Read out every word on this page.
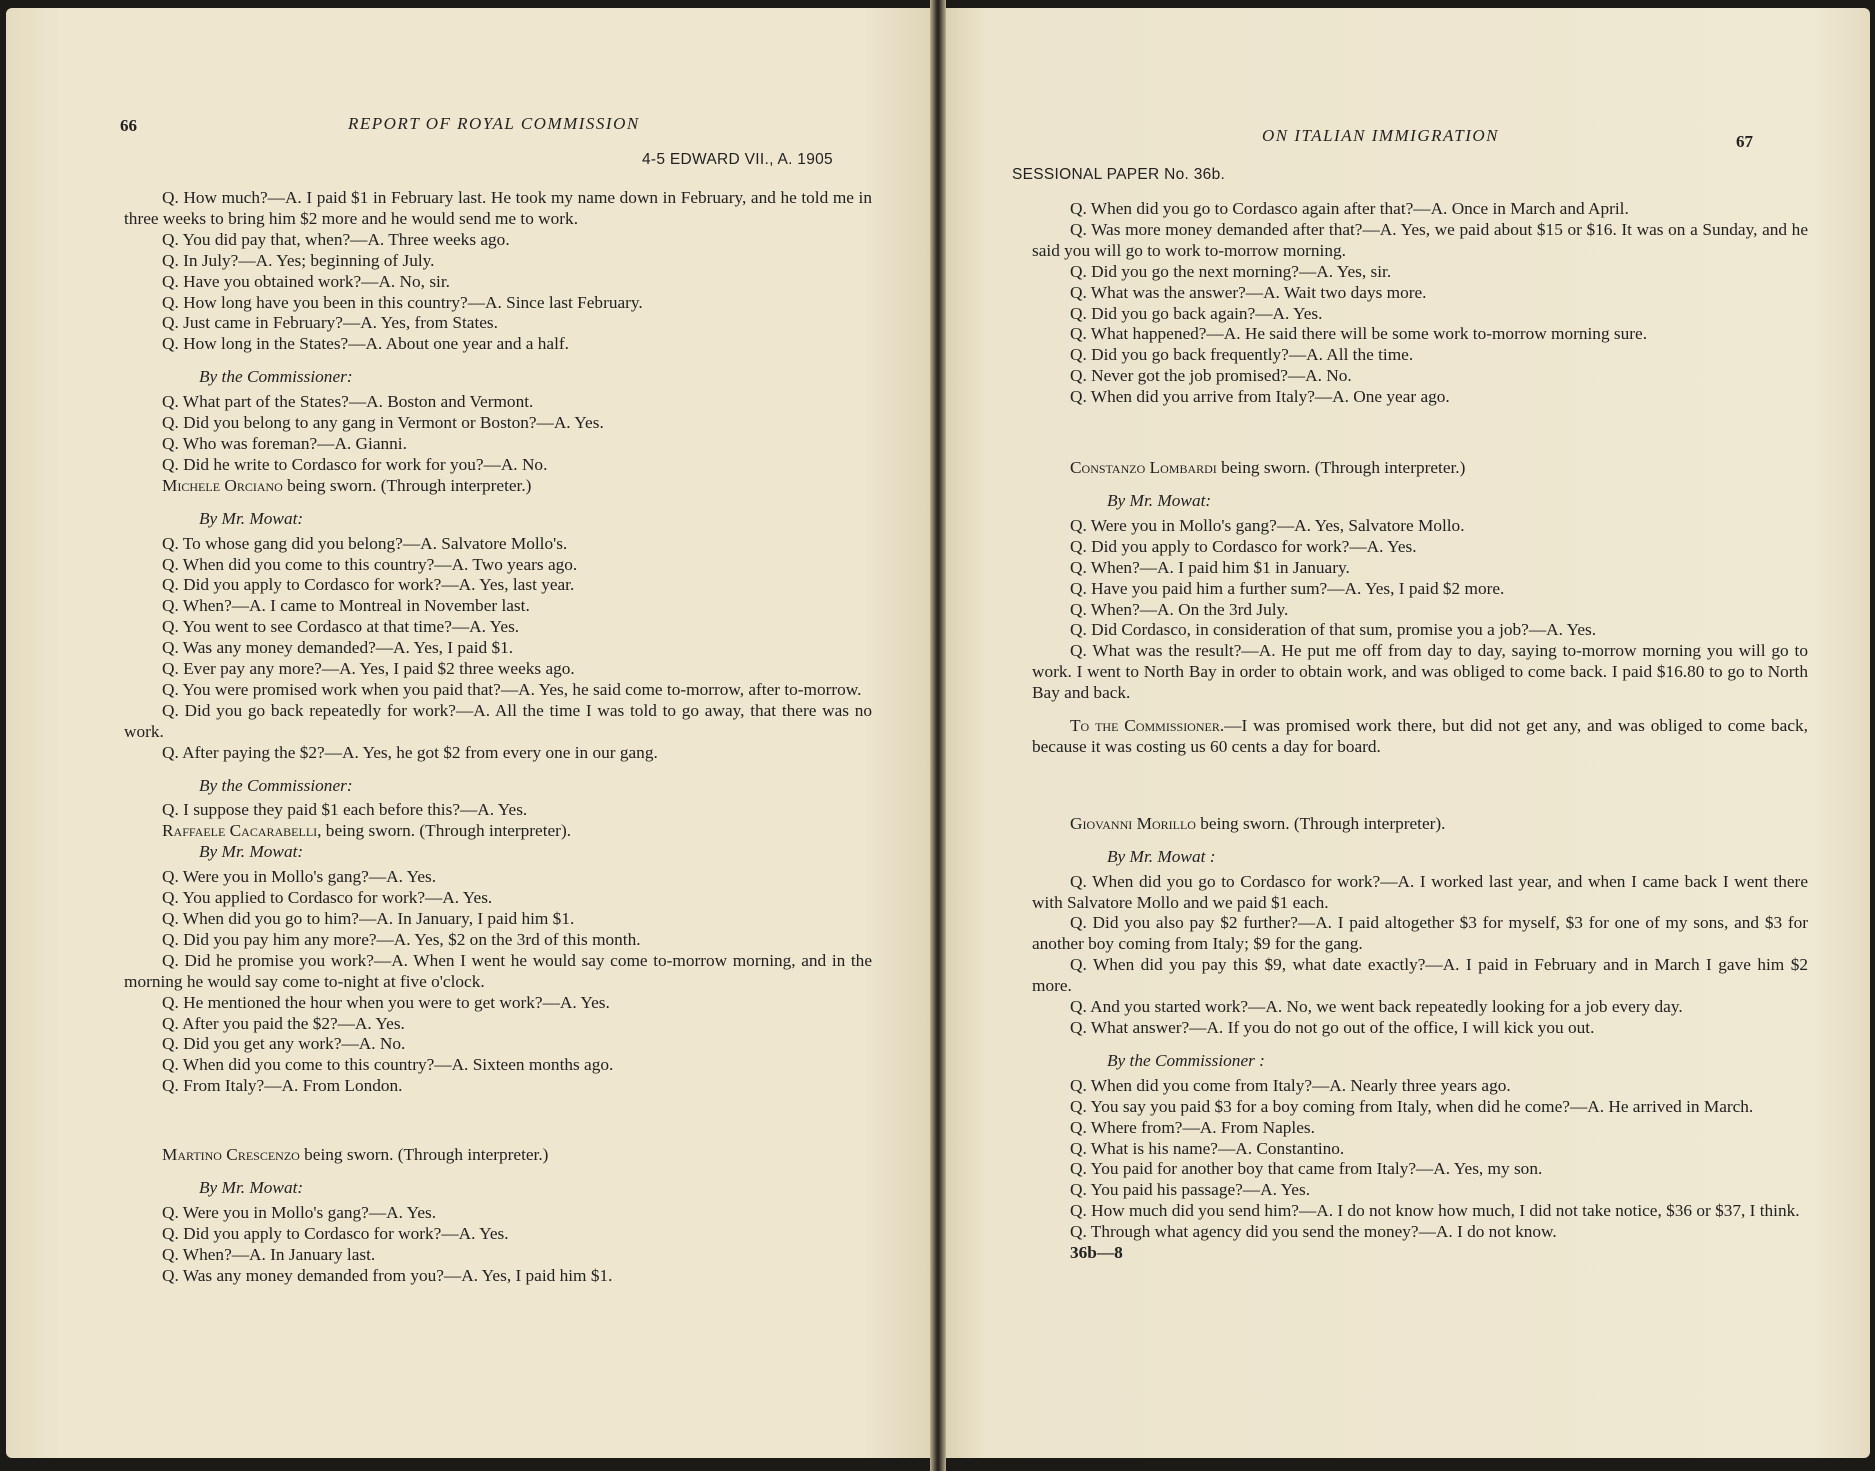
66	REPORT OF ROYAL COMMISSION
4-5 EDWARD VII., A. 1905

Q. How much?—A. I paid $1 in February last. He took my name down in February, and he told me in three weeks to bring him $2 more and he would send me to work.

Q. You did pay that, when?—A. Three weeks ago.

Q. In July?—A. Yes; beginning of July.

Q. Have you obtained work?—A. No, sir.

Q. How long have you been in this country?—A. Since last February.

Q. Just came in February?—A. Yes, from States.

Q. How long in the States?—A. About one year and a half.

By the Commissioner:

Q. What part of the States?—A. Boston and Vermont.

Q. Did you belong to any gang in Vermont or Boston?—A. Yes.

Q. Who was foreman?—A. Gianni.

Q. Did he write to Cordasco for work for you?—A. No.

Michele Orciano being sworn. (Through interpreter.)
By Mr. Mowat:

Q. To whose gang did you belong?—A. Salvatore Mollo's.

Q. When did you come to this country?—A. Two years ago.

Q. Did you apply to Cordasco for work?—A. Yes, last year.

Q. When?—A. I came to Montreal in November last.

Q. You went to see Cordasco at that time?—A. Yes.

Q. Was any money demanded?—A. Yes, I paid $1.

Q. Ever pay any more?—A. Yes, I paid $2 three weeks ago.

Q. You were promised work when you paid that?—A. Yes, he said come to-morrow, after to-morrow.

Q. Did you go back repeatedly for work?—A. All the time I was told to go away, that there was no work.

Q. After paying the $2?—A. Yes, he got $2 from every one in our gang.

By the Commissioner:

Q. I suppose they paid $1 each before this?—A. Yes.

Raffaele Cacarabelli, being sworn. (Through interpreter).
By Mr. Mowat:

Q. Were you in Mollo's gang?—A. Yes.

Q. You applied to Cordasco for work?—A. Yes.

Q. When did you go to him?—A. In January, I paid him $1.

Q. Did you pay him any more?—A. Yes, $2 on the 3rd of this month.

Q. Did he promise you work?—A. When I went he would say come to-morrow morning, and in the morning he would say come to-night at five o'clock.

Q. He mentioned the hour when you were to get work?—A. Yes.

Q. After you paid the $2?—A. Yes.

Q. Did you get any work?—A. No.

Q. When did you come to this country?—A. Sixteen months ago.

Q. From Italy?—A. From London.

Martino Crescenzo being sworn. (Through interpreter.)
By Mr. Mowat:

Q. Were you in Mollo's gang?—A. Yes.

Q. Did you apply to Cordasco for work?—A. Yes.

Q. When?—A. In January last.

Q. Was any money demanded from you?—A. Yes, I paid him $1.

ON ITALIAN IMMIGRATION	67
SESSIONAL PAPER No. 36b.

Q. When did you go to Cordasco again after that?—A. Once in March and April.

Q. Was more money demanded after that?—A. Yes, we paid about $15 or $16. It was on a Sunday, and he said you will go to work to-morrow morning.

Q. Did you go the next morning?—A. Yes, sir.

Q. What was the answer?—A. Wait two days more.

Q. Did you go back again?—A. Yes.

Q. What happened?—A. He said there will be some work to-morrow morning sure.

Q. Did you go back frequently?—A. All the time.

Q. Never got the job promised?—A. No.

Q. When did you arrive from Italy?—A. One year ago.

Constanzo Lombardi being sworn. (Through interpreter.)
By Mr. Mowat:

Q. Were you in Mollo's gang?—A. Yes, Salvatore Mollo.

Q. Did you apply to Cordasco for work?—A. Yes.

Q. When?—A. I paid him $1 in January.

Q. Have you paid him a further sum?—A. Yes, I paid $2 more.

Q. When?—A. On the 3rd July.

Q. Did Cordasco, in consideration of that sum, promise you a job?—A. Yes.

Q. What was the result?—A. He put me off from day to day, saying to-morrow morning you will go to work. I went to North Bay in order to obtain work, and was obliged to come back. I paid $16.80 to go to North Bay and back.

To the Commissioner.—I was promised work there, but did not get any, and was obliged to come back, because it was costing us 60 cents a day for board.

Giovanni Morillo being sworn. (Through interpreter).
By Mr. Mowat :

Q. When did you go to Cordasco for work?—A. I worked last year, and when I came back I went there with Salvatore Mollo and we paid $1 each.

Q. Did you also pay $2 further?—A. I paid altogether $3 for myself, $3 for one of my sons, and $3 for another boy coming from Italy; $9 for the gang.

Q. When did you pay this $9, what date exactly?—A. I paid in February and in March I gave him $2 more.

Q. And you started work?—A. No, we went back repeatedly looking for a job every day.

Q. What answer?—A. If you do not go out of the office, I will kick you out.

By the Commissioner :

Q. When did you come from Italy?—A. Nearly three years ago.

Q. You say you paid $3 for a boy coming from Italy, when did he come?—A. He arrived in March.

Q. Where from?—A. From Naples.

Q. What is his name?—A. Constantino.

Q. You paid for another boy that came from Italy?—A. Yes, my son.

Q. You paid his passage?—A. Yes.

Q. How much did you send him?—A. I do not know how much, I did not take notice, $36 or $37, I think.

Q. Through what agency did you send the money?—A. I do not know.

36b—8
